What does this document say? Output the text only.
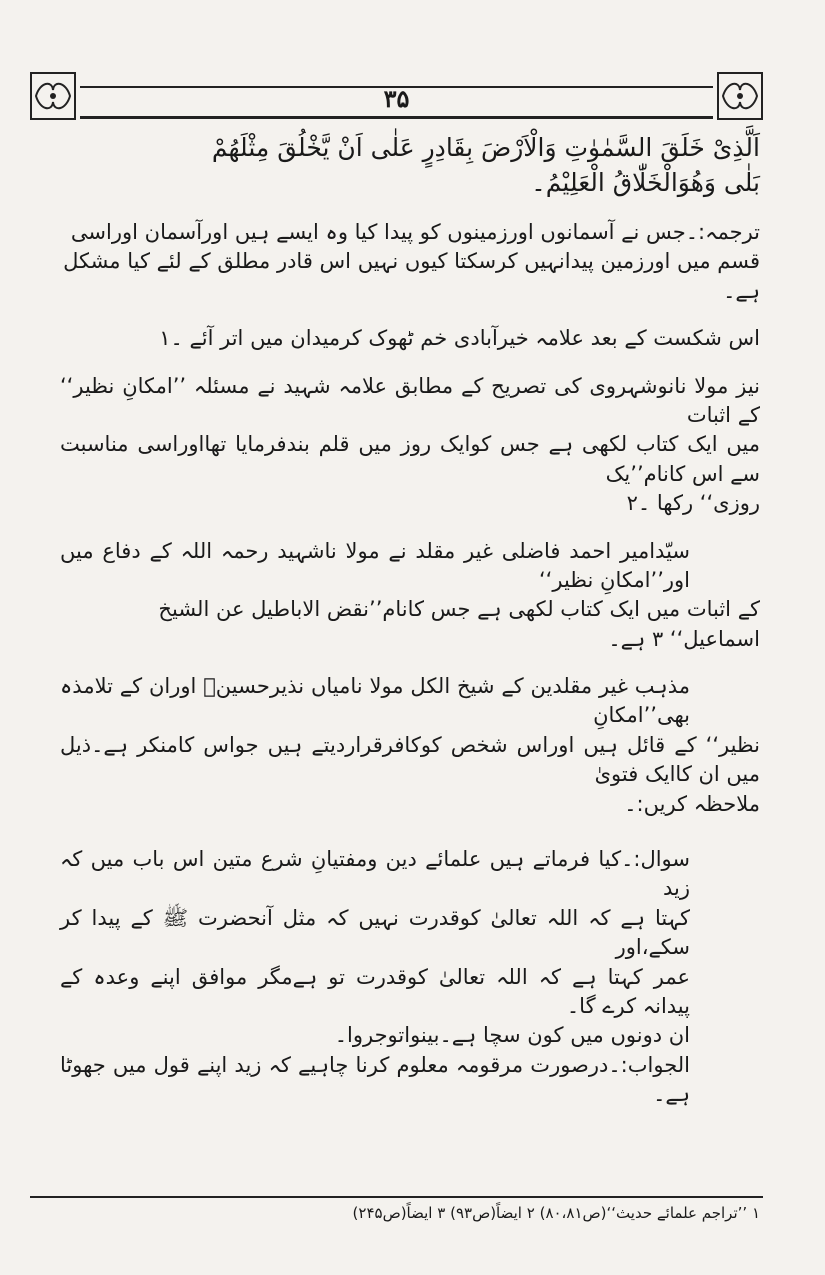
۳۵

اَلَّذِیْ خَلَقَ السَّمٰوٰتِ وَالْاَرْضَ بِقَادِرٍ عَلٰی اَنْ یَّخْلُقَ مِثْلَهُمْ

بَلٰی وَهُوَالْخَلّٰاقُ الْعَلِیْمُ۔

ترجمہ:۔جس نے آسمانوں اورزمینوں کو پیدا کیا وہ ایسے ہیں اورآسمان اوراسی

قسم میں اورزمین پیدانہیں کرسکتا کیوں نہیں اس قادر مطلق کے لئے کیا مشکل

ہے۔

اس شکست کے بعد علامہ خیرآبادی خم ٹھوک کرمیدان میں اتر آئے ۔۱

نیز مولا نانوشہروی کی تصریح کے مطابق علامہ شہید نے مسئلہ ’’امکانِ نظیر‘‘ کے اثبات

میں ایک کتاب لکھی ہے جس کوایک روز میں قلم بندفرمایا تھااوراسی مناسبت سے اس کانام’’یک

روزی‘‘ رکھا ۔۲

سیّدامیر احمد فاضلی غیر مقلد نے مولا ناشہید رحمہ اللہ کے دفاع میں اور’’امکانِ نظیر‘‘

کے اثبات میں ایک کتاب لکھی ہے جس کانام’’نقض الاباطیل عن الشیخ

اسماعیل‘‘ ۳ ہے۔

مذہب غیر مقلدین کے شیخ الکل مولا نامیاں نذیرحسینؒ اوران کے تلامذہ بھی’’امکانِ

نظیر‘‘ کے قائل ہیں اوراس شخص کوکافرقراردیتے ہیں جواس کامنکر ہے۔ذیل میں ان کاایک فتویٰ

ملاحظہ کریں:۔

سوال:۔کیا فرماتے ہیں علمائے دین ومفتیانِ شرع متین اس باب میں کہ زید

کہتا ہے کہ اللہ تعالیٰ کوقدرت نہیں کہ مثل آنحضرت ﷺ کے پیدا کر سکے،اور

عمر کہتا ہے کہ اللہ تعالیٰ کوقدرت تو ہےمگر موافق اپنے وعدہ کے پیدانہ کرے گا۔

ان دونوں میں کون سچا ہے۔بینواتوجروا۔

الجواب:۔درصورت مرقومہ معلوم کرنا چاہیے کہ زید اپنے قول میں جھوٹا ہے۔

۱ ’’تراجم علمائے حدیث‘‘(ص۸۰،۸۱) ۲ ایضاً(ص۹۳) ۳ ایضاً(ص۲۴۵)
